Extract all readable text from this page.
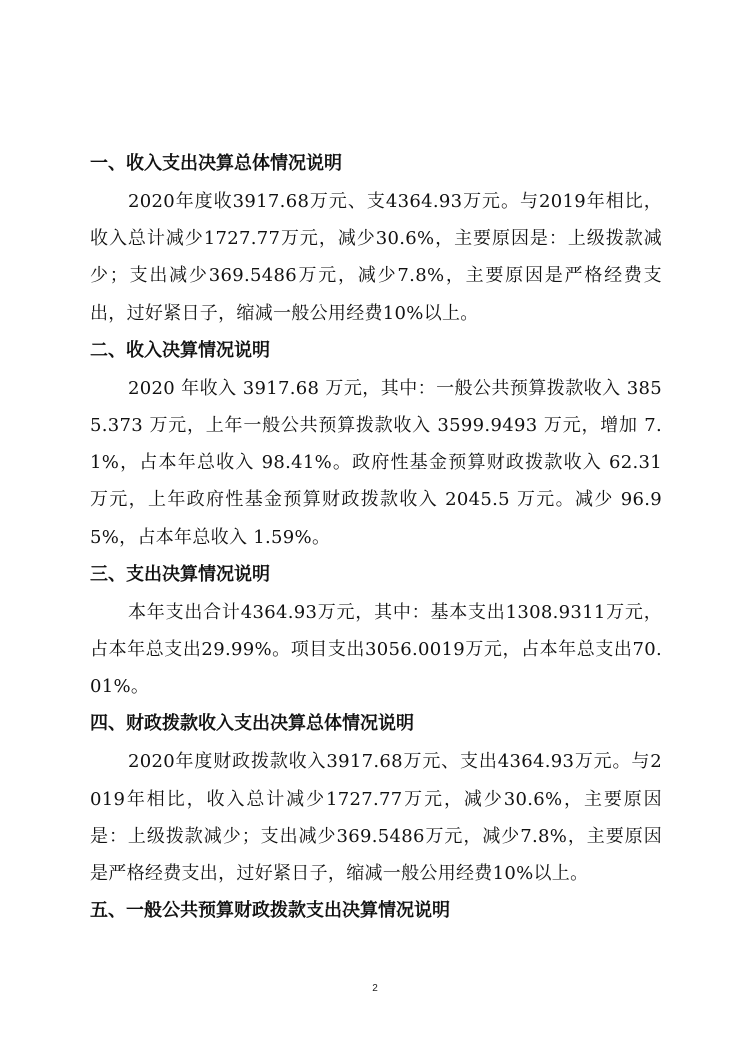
一、收入支出决算总体情况说明

2020年度收3917.68万元、支4364.93万元。与2019年相比，收入总计减少1727.77万元，减少30.6%，主要原因是：上级拨款减少；支出减少369.5486万元，减少7.8%，主要原因是严格经费支出，过好紧日子，缩减一般公用经费10%以上。

二、收入决算情况说明

2020 年收入 3917.68 万元，其中：一般公共预算拨款收入 3855.373 万元，上年一般公共预算拨款收入 3599.9493 万元，增加 7.1%，占本年总收入 98.41%。政府性基金预算财政拨款收入 62.31 万元，上年政府性基金预算财政拨款收入 2045.5 万元。减少 96.95%，占本年总收入 1.59%。

三、支出决算情况说明

本年支出合计4364.93万元，其中：基本支出1308.9311万元，占本年总支出29.99%。项目支出3056.0019万元，占本年总支出70.01%。

四、财政拨款收入支出决算总体情况说明

2020年度财政拨款收入3917.68万元、支出4364.93万元。与2019年相比，收入总计减少1727.77万元，减少30.6%，主要原因是：上级拨款减少；支出减少369.5486万元，减少7.8%，主要原因是严格经费支出，过好紧日子，缩减一般公用经费10%以上。

五、一般公共预算财政拨款支出决算情况说明
2
